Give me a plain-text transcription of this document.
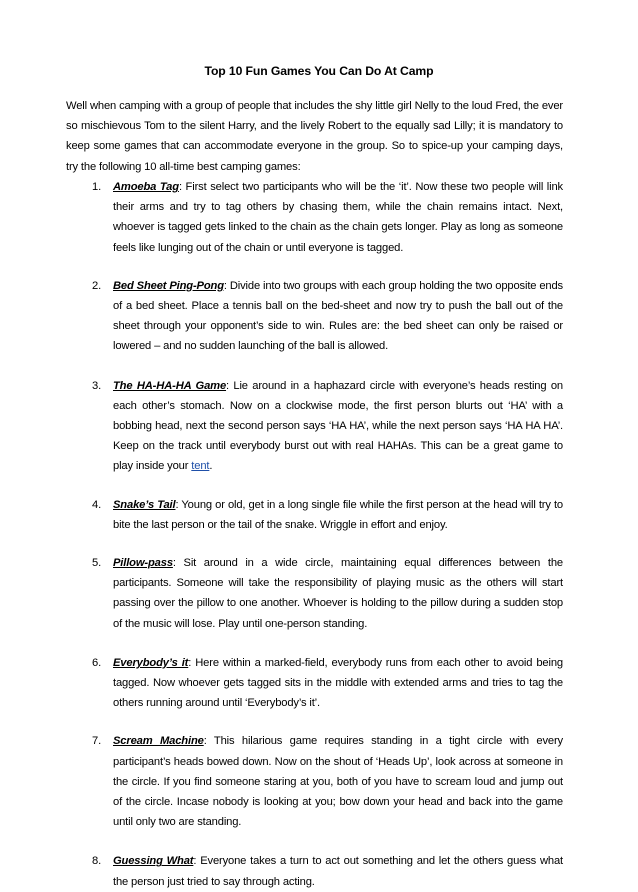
Top 10 Fun Games You Can Do At Camp

Well when camping with a group of people that includes the shy little girl Nelly to the loud Fred, the ever so mischievous Tom to the silent Harry, and the lively Robert to the equally sad Lilly; it is mandatory to keep some games that can accommodate everyone in the group. So to spice-up your camping days, try the following 10 all-time best camping games:

1. Amoeba Tag: First select two participants who will be the ‘it’. Now these two people will link their arms and try to tag others by chasing them, while the chain remains intact. Next, whoever is tagged gets linked to the chain as the chain gets longer. Play as long as someone feels like lunging out of the chain or until everyone is tagged.
2. Bed Sheet Ping-Pong: Divide into two groups with each group holding the two opposite ends of a bed sheet. Place a tennis ball on the bed-sheet and now try to push the ball out of the sheet through your opponent’s side to win. Rules are: the bed sheet can only be raised or lowered – and no sudden launching of the ball is allowed.
3. The HA-HA-HA Game: Lie around in a haphazard circle with everyone’s heads resting on each other’s stomach. Now on a clockwise mode, the first person blurts out ‘HA’ with a bobbing head, next the second person says ‘HA HA’, while the next person says ‘HA HA HA’. Keep on the track until everybody burst out with real HAHAs. This can be a great game to play inside your tent.
4. Snake’s Tail: Young or old, get in a long single file while the first person at the head will try to bite the last person or the tail of the snake. Wriggle in effort and enjoy.
5. Pillow-pass: Sit around in a wide circle, maintaining equal differences between the participants. Someone will take the responsibility of playing music as the others will start passing over the pillow to one another. Whoever is holding to the pillow during a sudden stop of the music will lose. Play until one-person standing.
6. Everybody’s it: Here within a marked-field, everybody runs from each other to avoid being tagged. Now whoever gets tagged sits in the middle with extended arms and tries to tag the others running around until ‘Everybody’s it’.
7. Scream Machine: This hilarious game requires standing in a tight circle with every participant’s heads bowed down. Now on the shout of ‘Heads Up’, look across at someone in the circle. If you find someone staring at you, both of you have to scream loud and jump out of the circle. Incase nobody is looking at you; bow down your head and back into the game until only two are standing.
8. Guessing What: Everyone takes a turn to act out something and let the others guess what the person just tried to say through acting.
